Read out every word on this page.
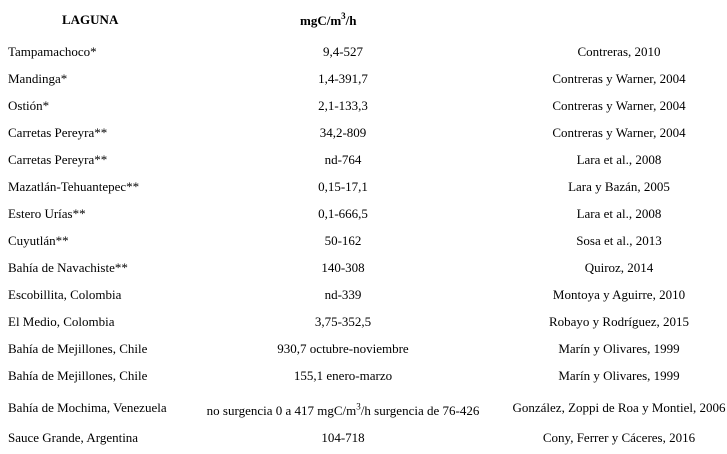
LAGUNA	mgC/$m^3/h$
Tampamachoco*	9,4-527	Contreras, 2010
Mandinga*	1,4-391,7	Contreras y Warner, 2004
Ostión*	2,1-133,3	Contreras y Warner, 2004
Carretas Pereyra**	34,2-809	Contreras y Warner, 2004
Carretas Pereyra**	nd-764	Lara et al., 2008
Mazatlán-Tehuantepec**	0,15-17,1	Lara y Bazán, 2005
Estero Urías**	0,1-666,5	Lara et al., 2008
Cuyutlán**	50-162	Sosa et al., 2013
Bahía de Navachiste**	140-308	Quiroz, 2014
Escobillita, Colombia	nd-339	Montoya y Aguirre, 2010
El Medio, Colombia	3,75-352,5	Robayo y Rodríguez, 2015
Bahía de Mejillones, Chile	930,7 octubre-noviembre	Marín y Olivares, 1999
Bahía de Mejillones, Chile	155,1 enero-marzo	Marín y Olivares, 1999
Bahía de Mochima, Venezuela	no surgencia 0 a 417 mgC/$m^3/h$ surgencia de 76-426	González, Zoppi de Roa y Montiel, 2006
Sauce Grande, Argentina	104-718	Cony, Ferrer y Cáceres, 2016
